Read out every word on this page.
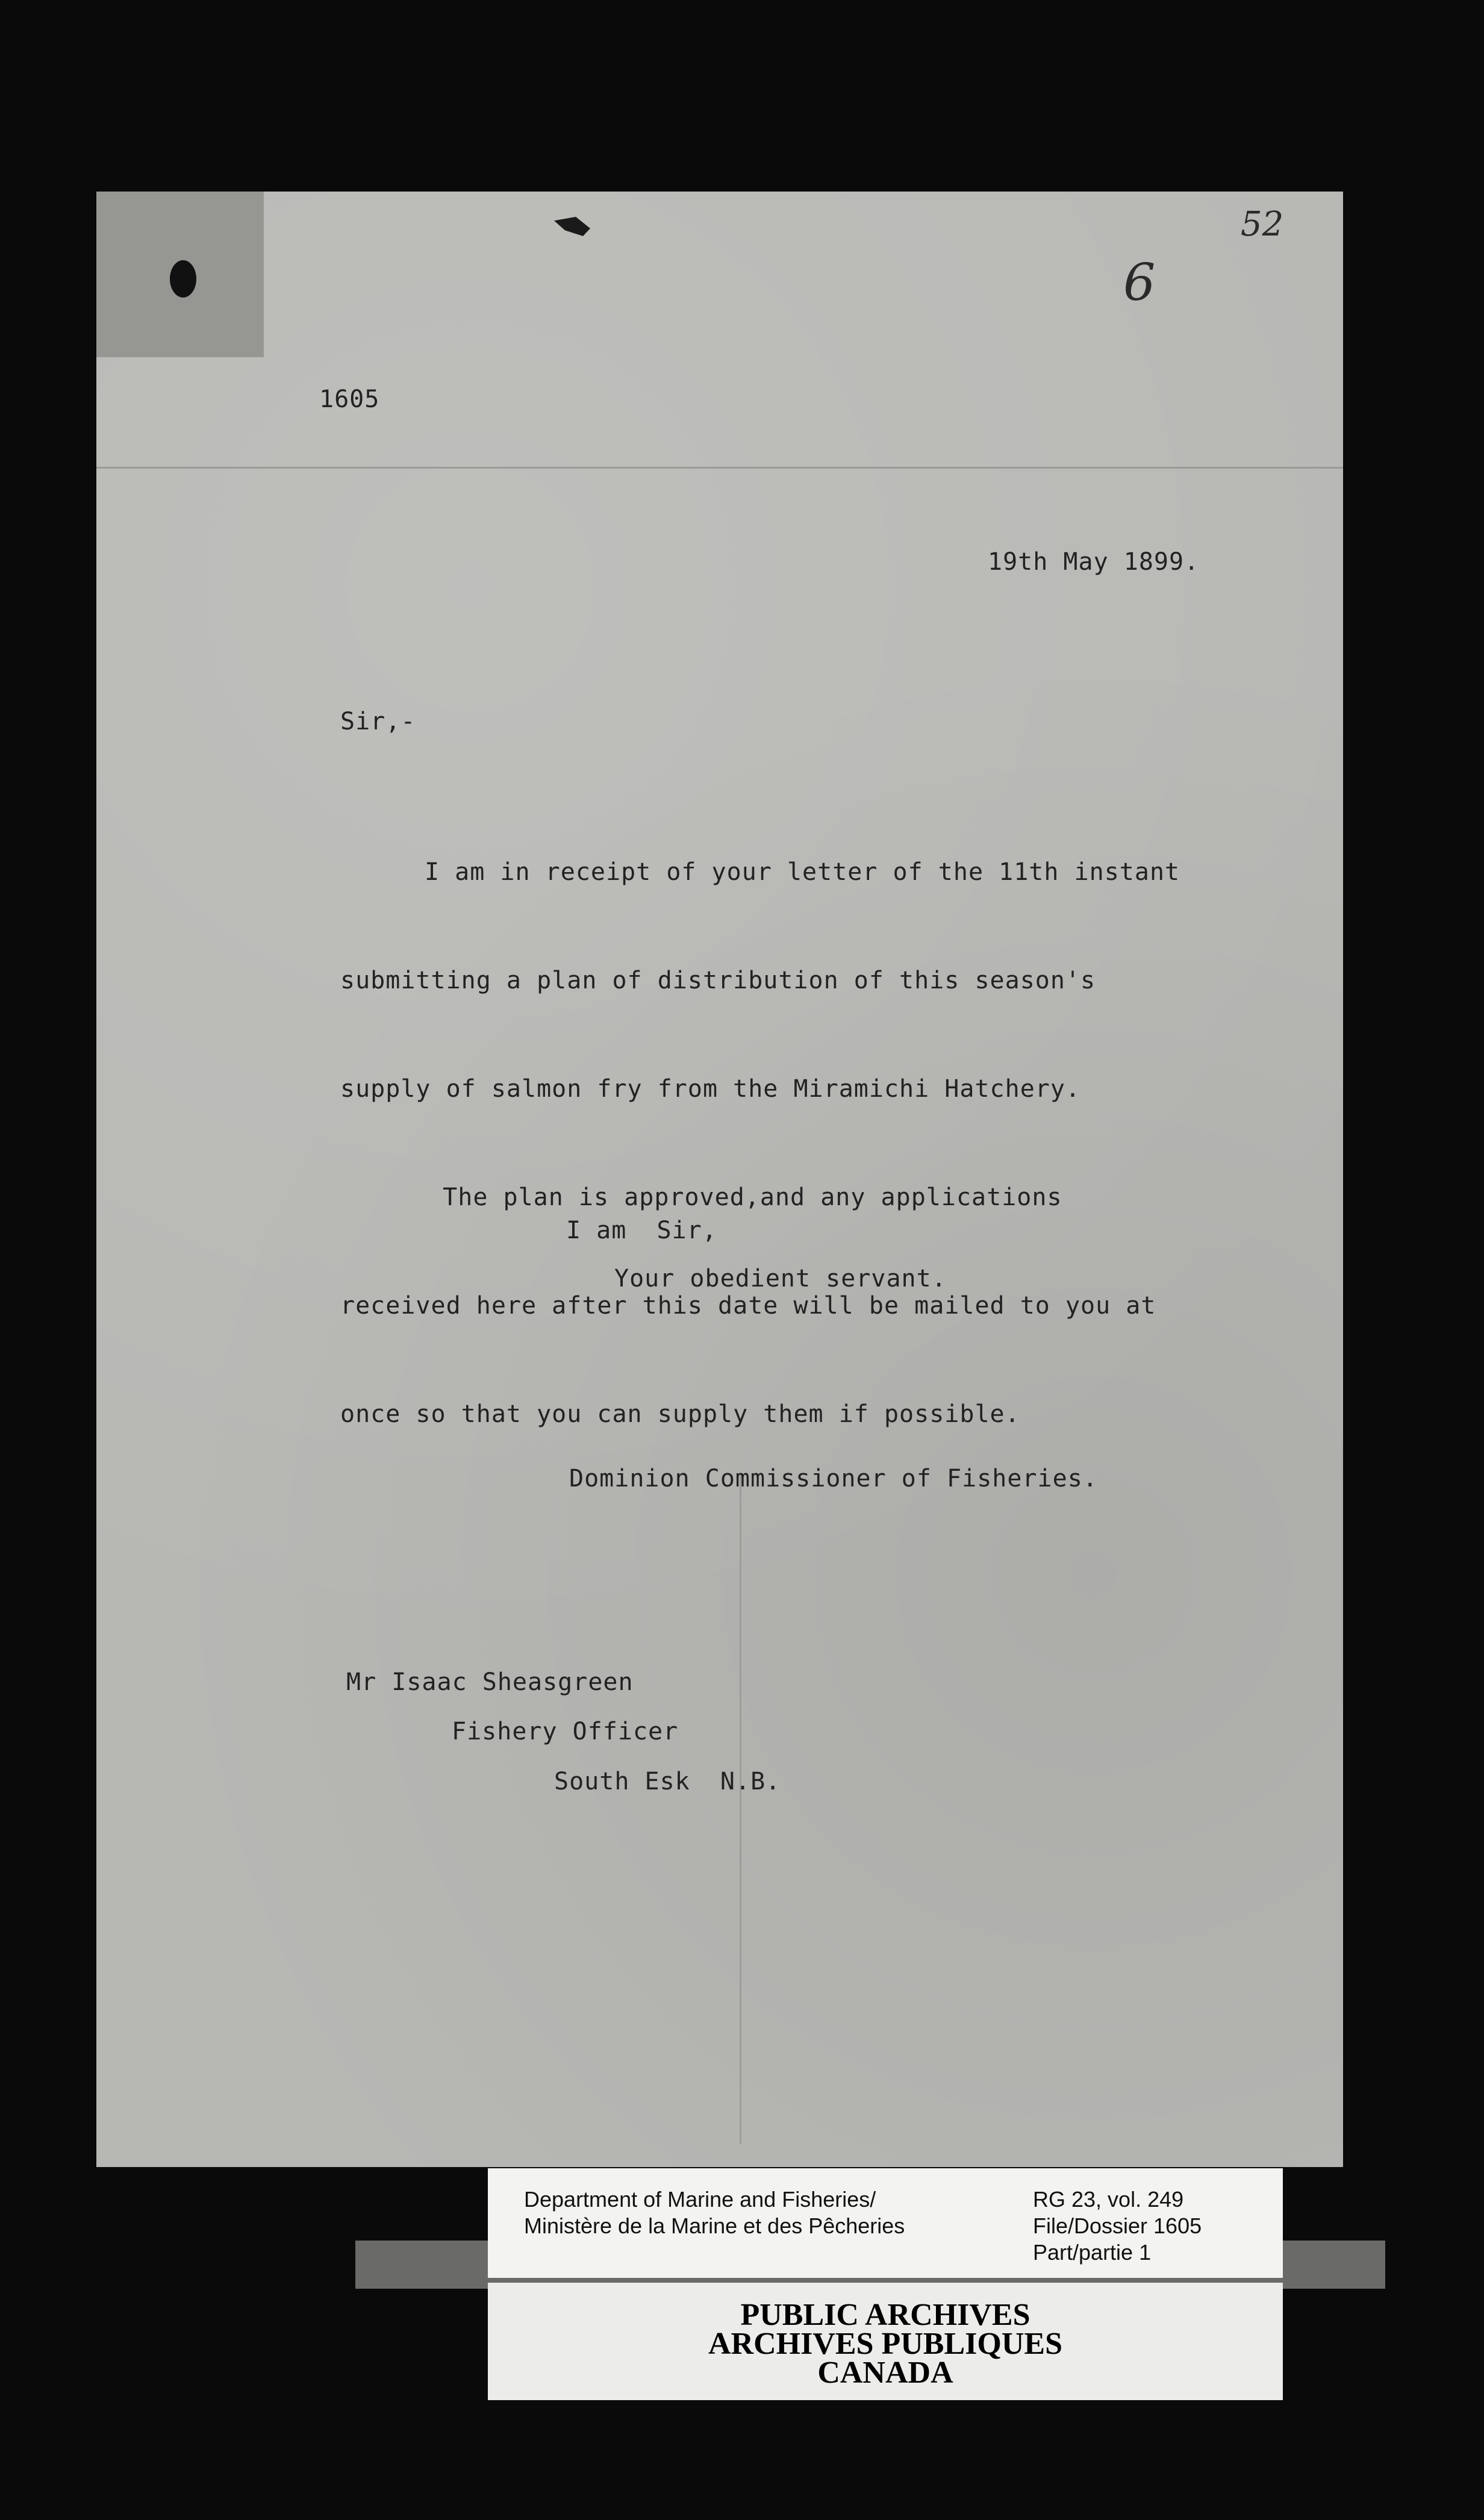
6
52

1605

19th May 1899.

Sir,-

I am in receipt of your letter of the 11th instant

submitting a plan of distribution of this season's

supply of salmon fry from the Miramichi Hatchery.

The plan is approved,and any applications

received here after this date will be mailed to you at

once so that you can supply them if possible.

I am  Sir,

Your obedient servant.

Dominion Commissioner of Fisheries.

Mr Isaac Sheasgreen

Fishery Officer

South Esk  N.B.

Department of Marine and Fisheries/
Ministère de la Marine et des Pêcheries
RG 23, vol. 249
File/Dossier 1605
Part/partie 1
PUBLIC ARCHIVES
ARCHIVES PUBLIQUES
CANADA
